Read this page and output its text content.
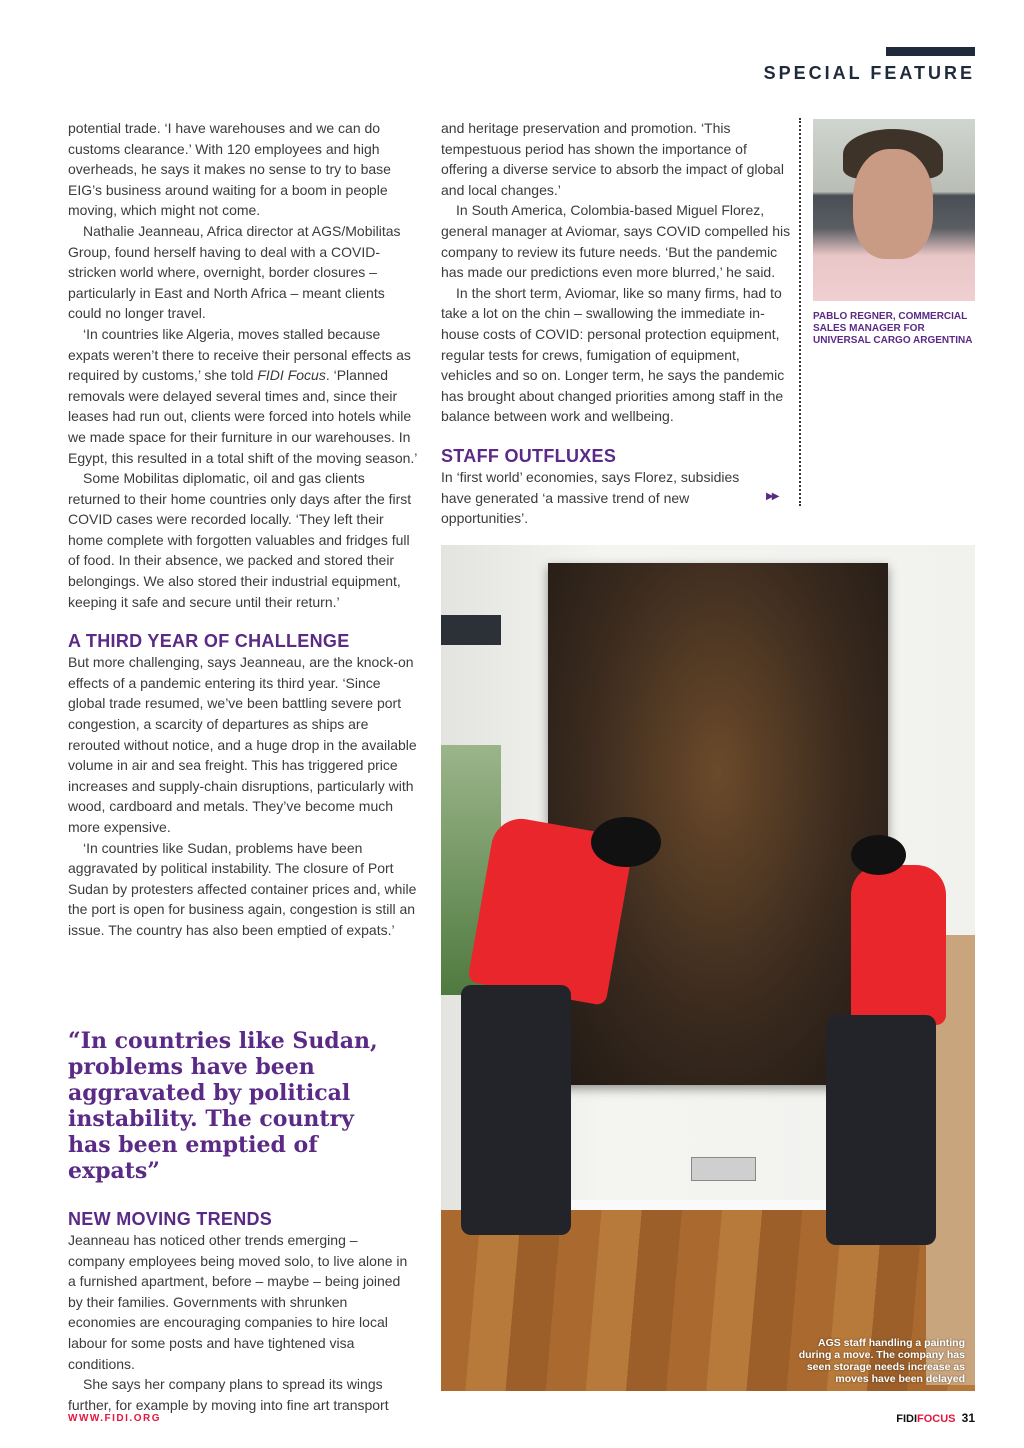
SPECIAL FEATURE

potential trade. ‘I have warehouses and we can do customs clearance.’ With 120 employees and high overheads, he says it makes no sense to try to base EIG’s business around waiting for a boom in people moving, which might not come.

Nathalie Jeanneau, Africa director at AGS/Mobilitas Group, found herself having to deal with a COVID-stricken world where, overnight, border closures – particularly in East and North Africa – meant clients could no longer travel.

‘In countries like Algeria, moves stalled because expats weren’t there to receive their personal effects as required by customs,’ she told FIDI Focus. ‘Planned removals were delayed several times and, since their leases had run out, clients were forced into hotels while we made space for their furniture in our warehouses. In Egypt, this resulted in a total shift of the moving season.’

Some Mobilitas diplomatic, oil and gas clients returned to their home countries only days after the first COVID cases were recorded locally. ‘They left their home complete with forgotten valuables and fridges full of food. In their absence, we packed and stored their belongings. We also stored their industrial equipment, keeping it safe and secure until their return.’

A THIRD YEAR OF CHALLENGE

But more challenging, says Jeanneau, are the knock-on effects of a pandemic entering its third year. ‘Since global trade resumed, we’ve been battling severe port congestion, a scarcity of departures as ships are rerouted without notice, and a huge drop in the available volume in air and sea freight. This has triggered price increases and supply-chain disruptions, particularly with wood, cardboard and metals. They’ve become much more expensive.

‘In countries like Sudan, problems have been aggravated by political instability. The closure of Port Sudan by protesters affected container prices and, while the port is open for business again, congestion is still an issue. The country has also been emptied of expats.’

“In countries like Sudan, problems have been aggravated by political instability. The country has been emptied of expats”
NEW MOVING TRENDS

Jeanneau has noticed other trends emerging – company employees being moved solo, to live alone in a furnished apartment, before – maybe – being joined by their families. Governments with shrunken economies are encouraging companies to hire local labour for some posts and have tightened visa conditions.

She says her company plans to spread its wings further, for example by moving into fine art transport

and heritage preservation and promotion. ‘This tempestuous period has shown the importance of offering a diverse service to absorb the impact of global and local changes.’

In South America, Colombia-based Miguel Florez, general manager at Aviomar, says COVID compelled his company to review its future needs. ‘But the pandemic has made our predictions even more blurred,’ he said.

In the short term, Aviomar, like so many firms, had to take a lot on the chin – swallowing the immediate in-house costs of COVID: personal protection equipment, regular tests for crews, fumigation of equipment, vehicles and so on. Longer term, he says the pandemic has brought about changed priorities among staff in the balance between work and wellbeing.

STAFF OUTFLUXES

In ‘first world’ economies, says Florez, subsidies have generated ‘a massive trend of new opportunities’.

▶▶
PABLO REGNER, COMMERCIAL SALES MANAGER FOR UNIVERSAL CARGO ARGENTINA
AGS staff handling a painting during a move. The company has seen storage needs increase as moves have been delayed
WWW.FIDI.ORG	FIDIFOCUS 31
